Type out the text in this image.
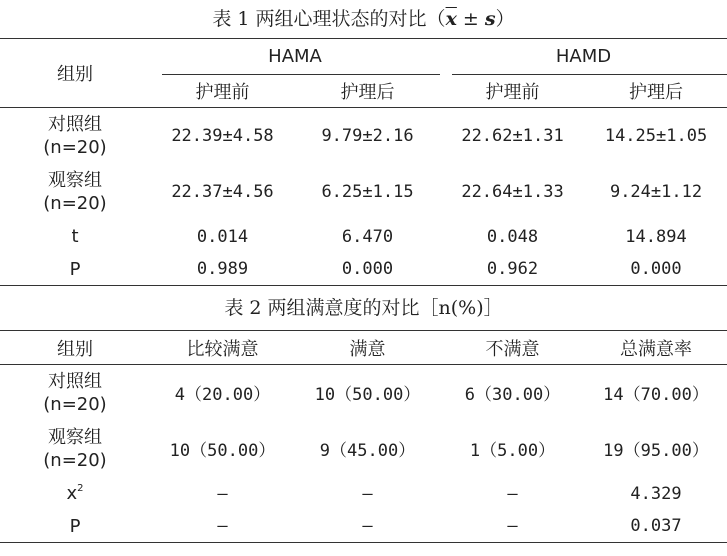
表 1 两组心理状态的对比$(\overline{x} \pm s)$
组别	HAMA		HAMD	
	护理前	护理后	护理前	护理后

对照组
(n=20)	22.39±4.58	9.79±2.16	22.62±1.31	14.25±1.05

观察组
(n=20)	22.37±4.56	6.25±1.15	22.64±1.33	9.24±1.12
t	0.014	6.470	0.048	14.894
P	0.989	0.000	0.962	0.000
表 2 两组满意度的对比［n(%)］
组别	比较满意	满意	不满意	总满意率

对照组
(n=20)	4（20.00）	10（50.00）	6（30.00）	14（70.00）

观察组
(n=20)	10（50.00）	9（45.00）	1（5.00）	19（95.00）
$x^2$	–	–	–	4.329
P	–	–	–	0.037
